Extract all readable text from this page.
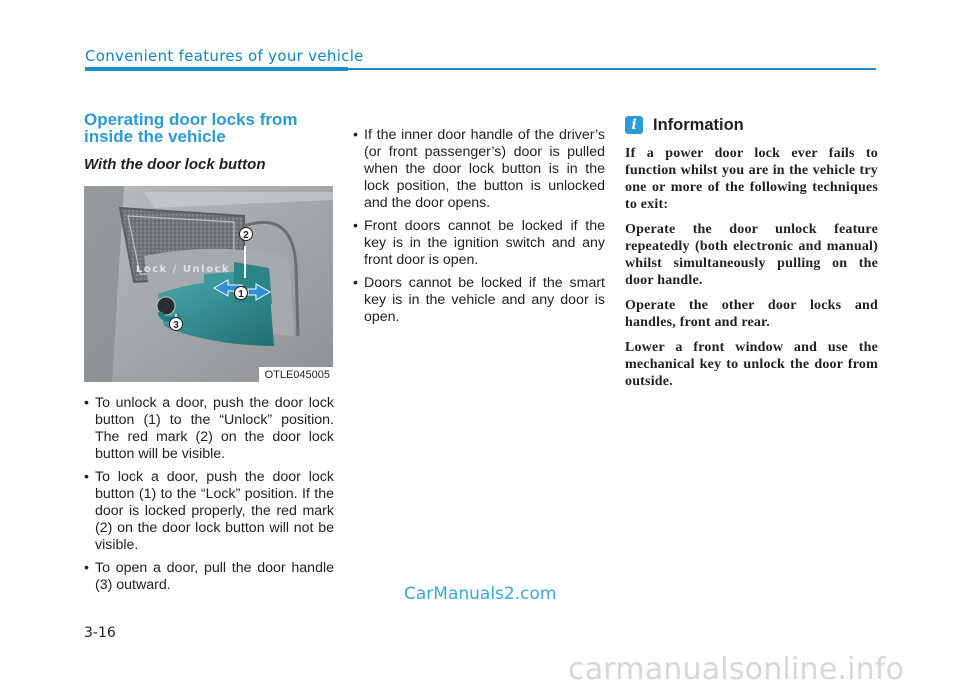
Convenient features of your vehicle
Operating door locks from
inside the vehicle
With the door lock button
Lock / Unlock
1
2
3
OTLE045005
• To unlock a door, push the door lock button (1) to the “Unlock” position. The red mark (2) on the door lock button will be visible.
• To lock a door, push the door lock button (1) to the “Lock” position. If the door is locked properly, the red mark (2) on the door lock button will not be visible.
• To open a door, pull the door handle (3) outward.
• If the inner door handle of the driver’s (or front passenger’s) door is pulled when the door lock button is in the lock position, the button is unlocked and the door opens.
• Front doors cannot be locked if the key is in the ignition switch and any front door is open.
• Doors cannot be locked if the smart key is in the vehicle and any door is open.
i Information

If a power door lock ever fails to function whilst you are in the vehicle try one or more of the following techniques to exit:

Operate the door unlock feature repeatedly (both electronic and manual) whilst simultaneously pulling on the door handle.

Operate the other door locks and handles, front and rear.

Lower a front window and use the mechanical key to unlock the door from outside.

CarManuals2.com
3-16
carmanualsonline.info
